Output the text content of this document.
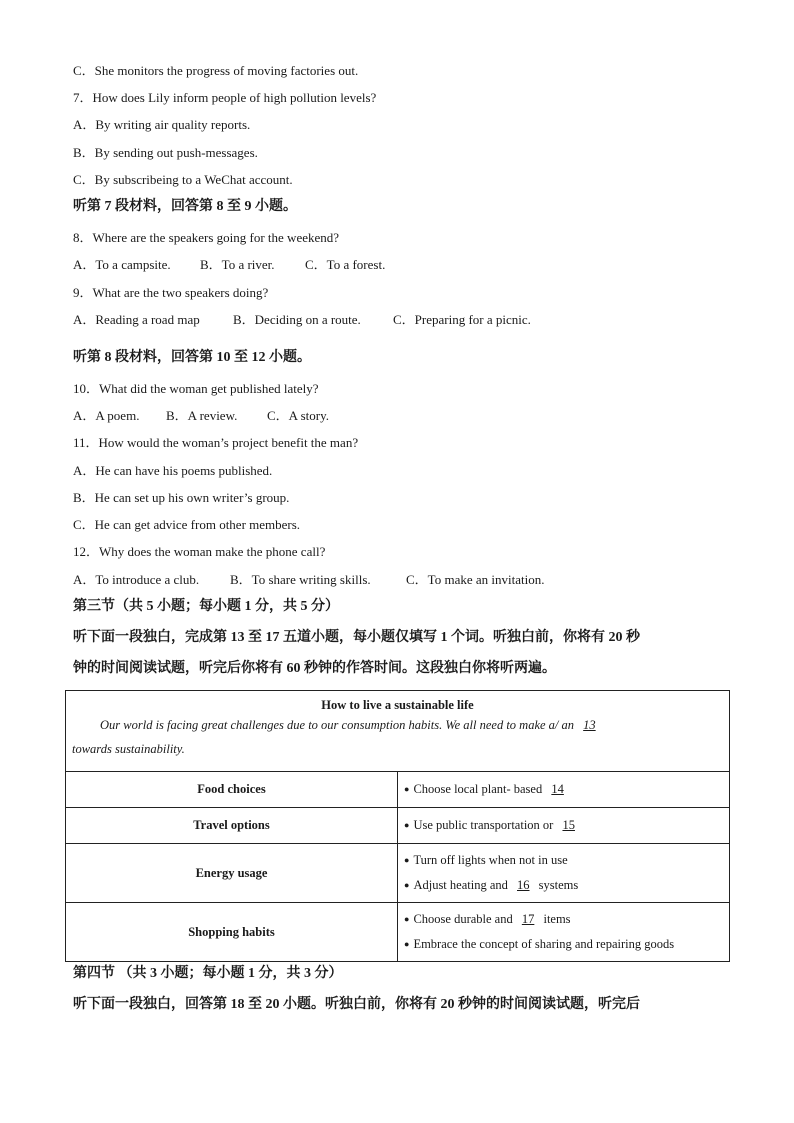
C．She monitors the progress of moving factories out.
7．How does Lily inform people of high pollution levels?
A．By writing air quality reports.
B．By sending out push-messages.
C．By subscribeing to a WeChat account.
听第 7 段材料，回答第 8 至 9 小题。
8．Where are the speakers going for the weekend?
A．To a campsite. B．To a river. C．To a forest.
9．What are the two speakers doing?
A．Reading a road map	B．Deciding on a route. C．Preparing for a picnic.
听第 8 段材料，回答第 10 至 12 小题。
10．What did the woman get published lately?
A．A poem. B．A review. C．A story.
11．How would the woman’s project benefit the man?
A．He can have his poems published.
B．He can set up his own writer’s group.
C．He can get advice from other members.
12．Why does the woman make the phone call?
A．To introduce a club. B．To share writing skills.	C．To make an invitation.
第三节（共 5 小题；每小题 1 分，共 5 分）
听下面一段独白，完成第 13 至 17 五道小题，每小题仅填写 1 个词。听独白前，你将有 20 秒
钟的时间阅读试题，听完后你将有 60 秒钟的作答时间。这段独白你将听两遍。
How to live a sustainable life
Our world is facing great challenges due to our consumption habits. We all need to make a/ an 13
towards sustainability.	

Food choices	● Choose local plant- based 14

Travel options	● Use public transportation or 15

Energy usage	● Turn off lights when not in use
● Adjust heating and 16 systems

Shopping habits	● Choose durable and 17 items
● Embrace the concept of sharing and repairing goods
第四节 （共 3 小题；每小题 1 分，共 3 分）
听下面一段独白，回答第 18 至 20 小题。听独白前，你将有 20 秒钟的时间阅读试题，听完后
